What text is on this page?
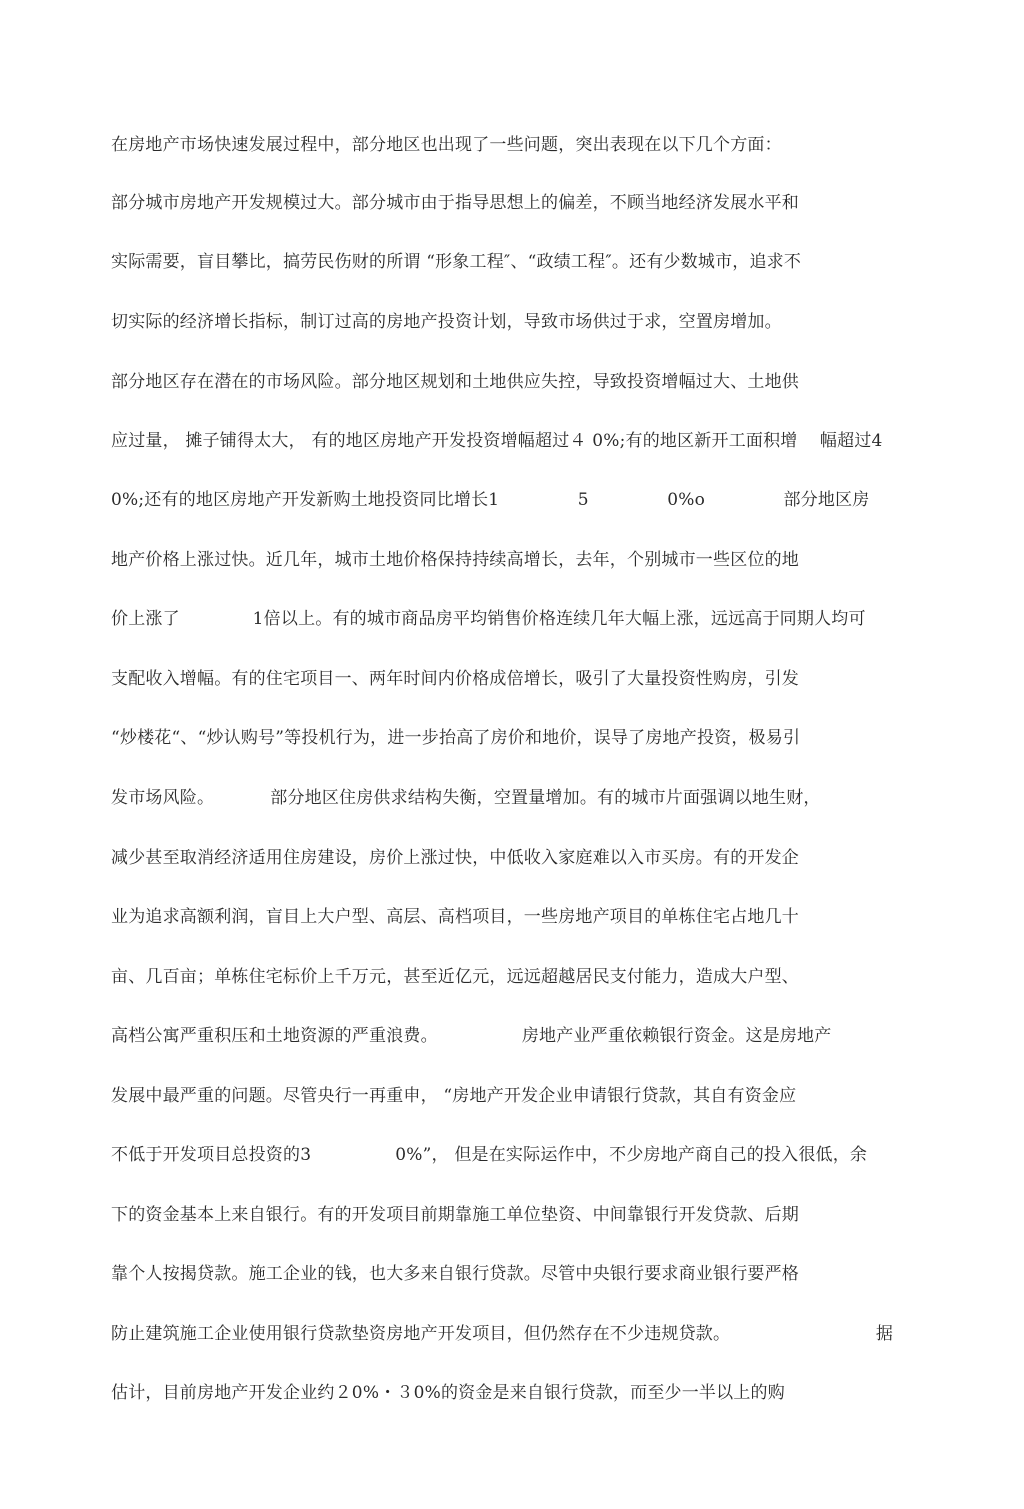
在房地产市场快速发展过程中，部分地区也出现了一些问题，突出表现在以下几个方面：
部分城市房地产开发规模过大。部分城市由于指导思想上的偏差，不顾当地经济发展水平和
实际需要，盲目攀比，搞劳民伤财的所谓 “形象工程″、“政绩工程″。还有少数城市，追求不
切实际的经济增长指标，制订过高的房地产投资计划，导致市场供过于求，空置房增加。
部分地区存在潜在的市场风险。部分地区规划和土地供应失控，导致投资增幅过大、土地供
应过量， 摊子铺得太大， 有的地区房地产开发投资增幅超过４ 0%;有的地区新开工面积增    幅超过4
0%;还有的地区房地产开发新购土地投资同比增长1              5              0%o              部分地区房
地产价格上涨过快。近几年，城市土地价格保持持续高增长，去年，个别城市一些区位的地
价上涨了             1倍以上。有的城市商品房平均销售价格连续几年大幅上涨，远远高于同期人均可
支配收入增幅。有的住宅项目一、两年时间内价格成倍增长，吸引了大量投资性购房，引发
“炒楼花“、“炒认购号”等投机行为，进一步抬高了房价和地价，误导了房地产投资，极易引
发市场风险。          部分地区住房供求结构失衡，空置量增加。有的城市片面强调以地生财，
减少甚至取消经济适用住房建设，房价上涨过快，中低收入家庭难以入市买房。有的开发企
业为追求高额利润，盲目上大户型、高层、高档项目，一些房地产项目的单栋住宅占地几十
亩、几百亩；单栋住宅标价上千万元，甚至近亿元，远远超越居民支付能力，造成大户型、
高档公寓严重积压和土地资源的严重浪费。               房地产业严重依赖银行资金。这是房地产
发展中最严重的问题。尽管央行一再重申， “房地产开发企业申请银行贷款，其自有资金应
不低于开发项目总投资的3               0%”， 但是在实际运作中，不少房地产商自己的投入很低，余
下的资金基本上来自银行。有的开发项目前期靠施工单位垫资、中间靠银行开发贷款、后期
靠个人按揭贷款。施工企业的钱，也大多来自银行贷款。尽管中央银行要求商业银行要严格
防止建筑施工企业使用银行贷款垫资房地产开发项目，但仍然存在不少违规贷款。                          据
估计，目前房地产开发企业约２0%・３0%的资金是来自银行贷款，而至少一半以上的购
